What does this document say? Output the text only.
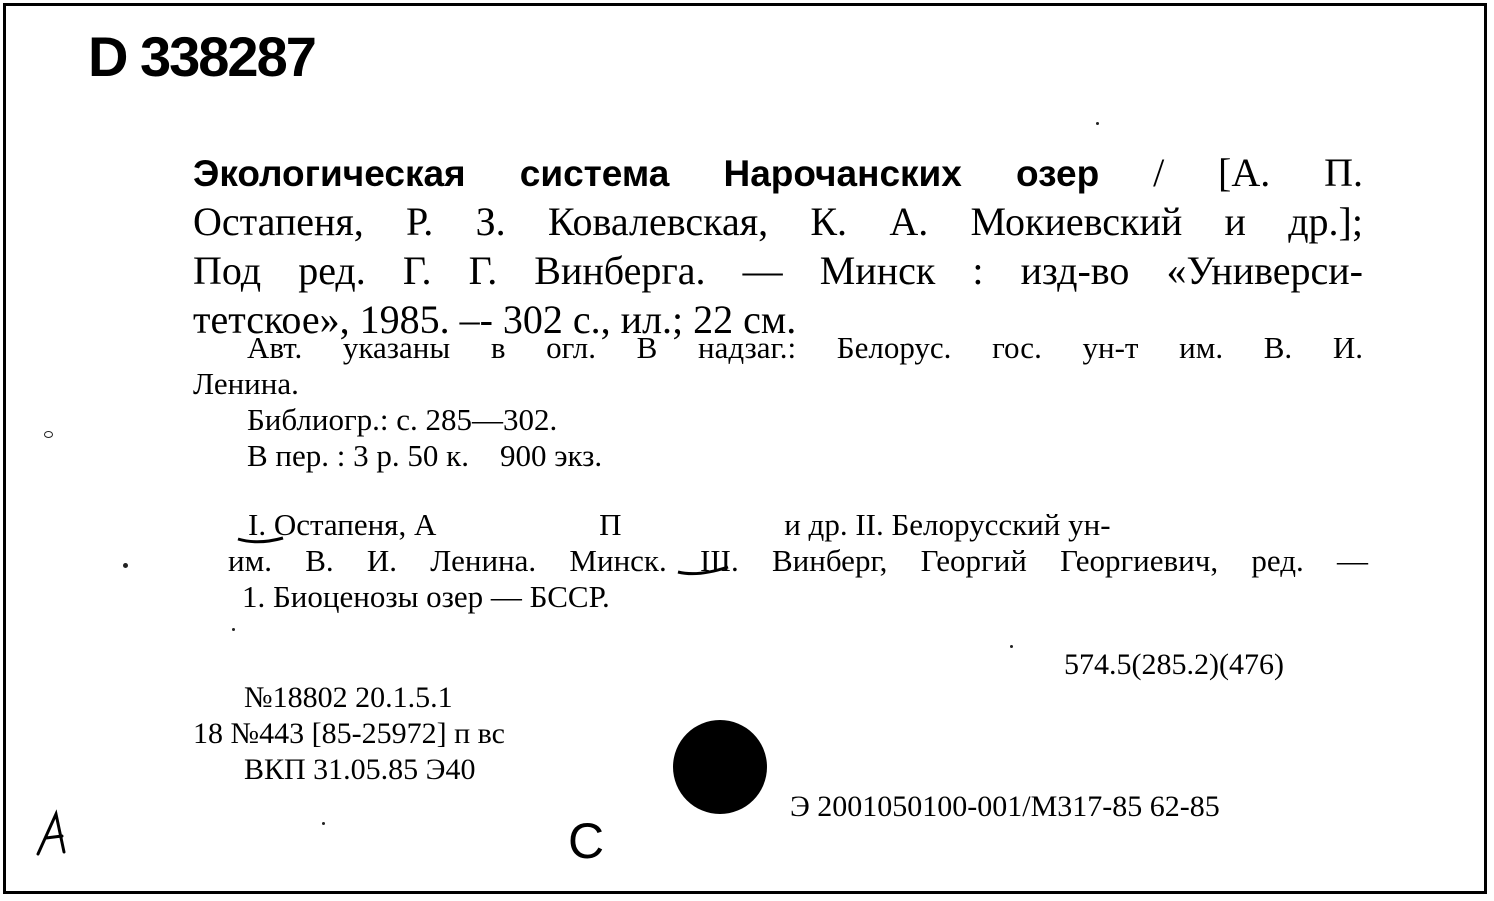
D 338287
Экологическая система Нарочанских озер / [А. П.
Остапеня, Р. З. Ковалевская, К. А. Мокиевский и др.];
Под ред. Г. Г. Винберга. — Минск : изд-во «Универси-
тетское», 1985. –- 302 с., ил.; 22 см.
Авт. указаны в огл. В надзаг.: Белорус. гос. ун-т им. В. И.
Ленина.
Библиогр.: с. 285—302.
В пер. : 3 р. 50 к.    900 экз.
I. Остапеня, А                     П                     и др. II. Белорусский ун-
им. В. И. Ленина. Минск. III. Винберг, Георгий Георгиевич, ред. —
1. Биоценозы озер — БССР.
574.5(285.2)(476)
№18802 20.1.5.1
18 №443 [85-25972] п вс
ВКП 31.05.85 Э40
Э 2001050100-001/М317-85 62-85
С
